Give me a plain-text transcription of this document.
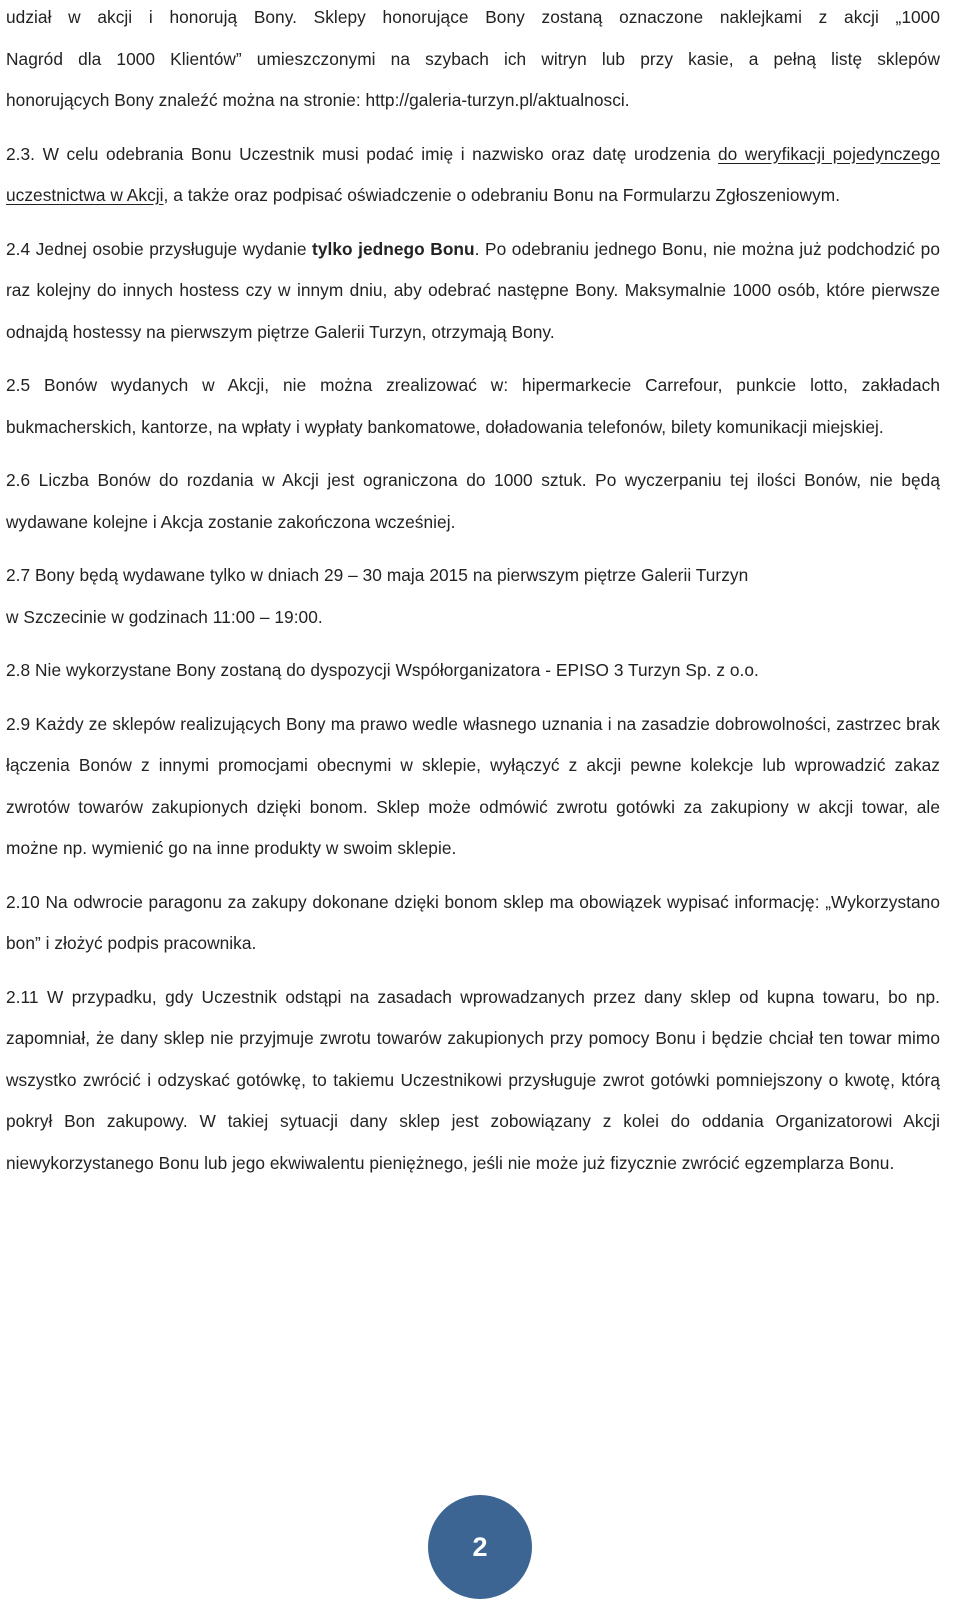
udział w akcji i honorują Bony. Sklepy honorujące Bony zostaną oznaczone naklejkami z akcji „1000
Nagród dla 1000 Klientów” umieszczonymi na szybach ich witryn lub przy kasie, a pełną listę sklepów
honorujących Bony znaleźć można na stronie: http://galeria-turzyn.pl/aktualnosci.

2.3. W celu odebrania Bonu Uczestnik musi podać imię i nazwisko oraz datę urodzenia do weryfikacji pojedynczego uczestnictwa w Akcji, a także oraz podpisać oświadczenie o odebraniu Bonu na Formularzu Zgłoszeniowym.

2.4 Jednej osobie przysługuje wydanie tylko jednego Bonu. Po odebraniu jednego Bonu, nie można już podchodzić po raz kolejny do innych hostess czy w innym dniu, aby odebrać następne Bony. Maksymalnie 1000 osób, które pierwsze odnajdą hostessy na pierwszym piętrze Galerii Turzyn, otrzymają Bony.

2.5 Bonów wydanych w Akcji, nie można zrealizować w: hipermarkecie Carrefour, punkcie lotto, zakładach bukmacherskich, kantorze, na wpłaty i wypłaty bankomatowe, doładowania telefonów, bilety komunikacji miejskiej.

2.6 Liczba Bonów do rozdania w Akcji jest ograniczona do 1000 sztuk. Po wyczerpaniu tej ilości Bonów, nie będą wydawane kolejne i Akcja zostanie zakończona wcześniej.

2.7 Bony będą wydawane tylko w dniach 29 – 30 maja 2015 na pierwszym piętrze Galerii Turzyn
w Szczecinie w godzinach 11:00 – 19:00.

2.8 Nie wykorzystane Bony zostaną do dyspozycji Współorganizatora - EPISO 3 Turzyn Sp. z o.o.

2.9 Każdy ze sklepów realizujących Bony ma prawo wedle własnego uznania i na zasadzie dobrowolności, zastrzec brak łączenia Bonów z innymi promocjami obecnymi w sklepie, wyłączyć z akcji pewne kolekcje lub wprowadzić zakaz zwrotów towarów zakupionych dzięki bonom. Sklep może odmówić zwrotu gotówki za zakupiony w akcji towar, ale możne np. wymienić go na inne produkty w swoim sklepie.

2.10 Na odwrocie paragonu za zakupy dokonane dzięki bonom sklep ma obowiązek wypisać informację: „Wykorzystano bon” i złożyć podpis pracownika.

2.11 W przypadku, gdy Uczestnik odstąpi na zasadach wprowadzanych przez dany sklep od kupna towaru, bo np. zapomniał, że dany sklep nie przyjmuje zwrotu towarów zakupionych przy pomocy Bonu i będzie chciał ten towar mimo wszystko zwrócić i odzyskać gotówkę, to takiemu Uczestnikowi przysługuje zwrot gotówki pomniejszony o kwotę, którą pokrył Bon zakupowy. W takiej sytuacji dany sklep jest zobowiązany z kolei do oddania Organizatorowi Akcji niewykorzystanego Bonu lub jego ekwiwalentu pieniężnego, jeśli nie może już fizycznie zwrócić egzemplarza Bonu.

2
